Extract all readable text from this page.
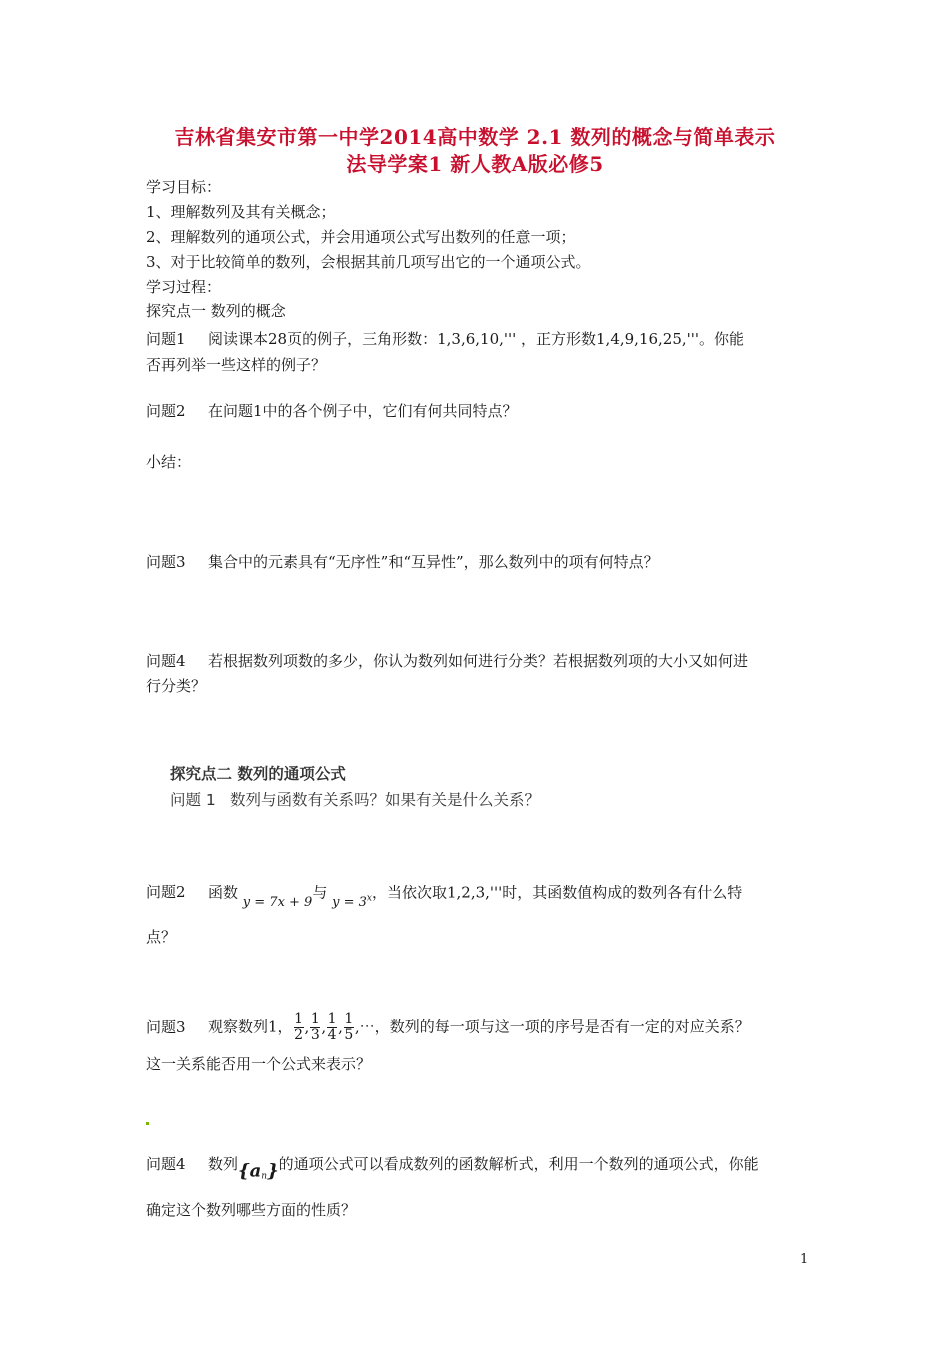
吉林省集安市第一中学2014高中数学 2.1 数列的概念与简单表示
法导学案1 新人教A版必修5
学习目标：
1、理解数列及其有关概念；
2、理解数列的通项公式，并会用通项公式写出数列的任意一项；
3、对于比较简单的数列，会根据其前几项写出它的一个通项公式。
学习过程：
探究点一 数列的概念
问题1 阅读课本28页的例子，三角形数：1,3,6,10,''' ，正方形数1,4,9,16,25,'''。你能
否再列举一些这样的例子？
问题2 在问题1中的各个例子中，它们有何共同特点？
小结：
问题3 集合中的元素具有“无序性”和“互异性”，那么数列中的项有何特点？
问题4 若根据数列项数的多少，你认为数列如何进行分类？若根据数列项的大小又如何进
行分类？
探究点二 数列的通项公式
问题 1 数列与函数有关系吗？如果有关是什么关系？
问题2 函数 y = 7x + 9与 $y = 3^x$，当依次取1,2,3,'''时，其函数值构成的数列各有什么特
点？
问题3 观察数列1， $\frac{1}{2}$ , $\frac{1}{3}$ , $\frac{1}{4}$ , $\frac{1}{5}$ ,⋯，数列的每一项与这一项的序号是否有一定的对应关系？
这一关系能否用一个公式来表示？
问题4 数列$\{a_n\}$的通项公式可以看成数列的函数解析式，利用一个数列的通项公式，你能
确定这个数列哪些方面的性质？
1
